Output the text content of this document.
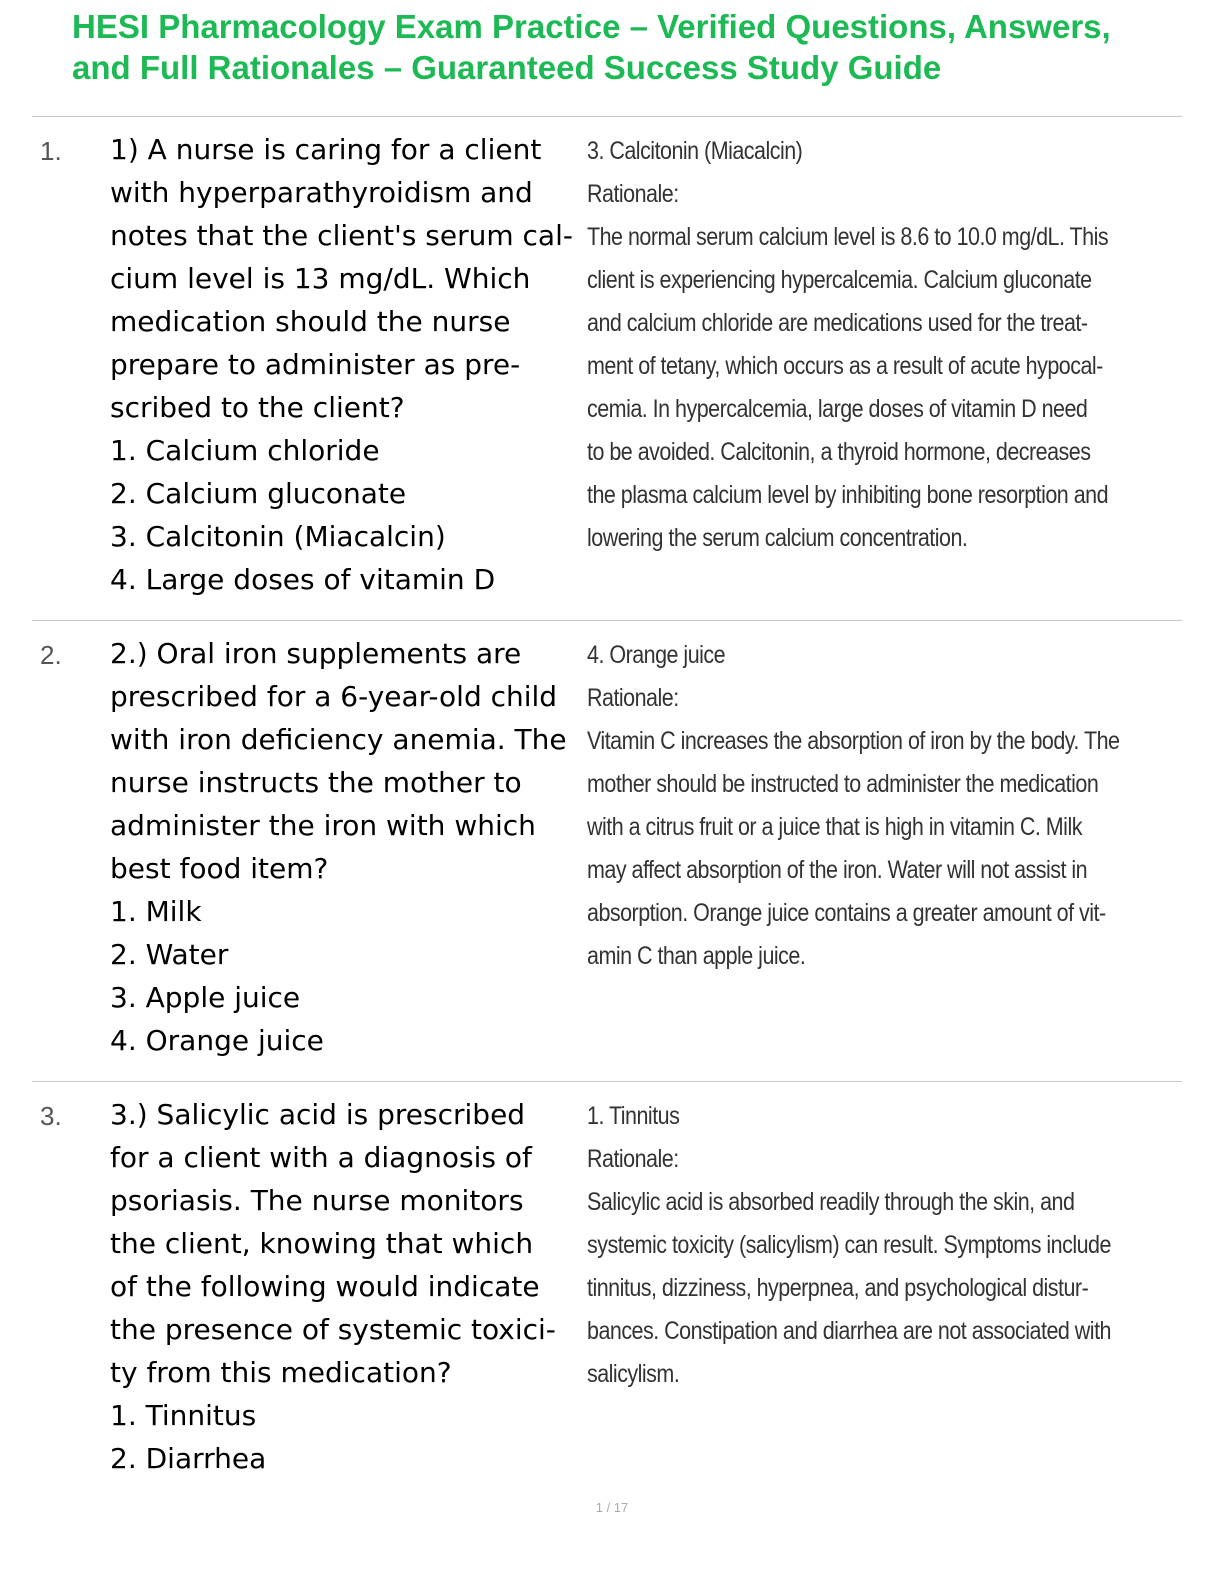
HESI Pharmacology Exam Practice – Verified Questions, Answers,
and Full Rationales – Guaranteed Success Study Guide
1. 1) A nurse is caring for a client
with hyperparathyroidism and
notes that the client's serum cal-
cium level is 13 mg/dL. Which
medication should the nurse
prepare to administer as pre-
scribed to the client?
1. Calcium chloride
2. Calcium gluconate
3. Calcitonin (Miacalcin)
4. Large doses of vitamin D
3. Calcitonin (Miacalcin)
Rationale:
The normal serum calcium level is 8.6 to 10.0 mg/dL. This
client is experiencing hypercalcemia. Calcium gluconate
and calcium chloride are medications used for the treat-
ment of tetany, which occurs as a result of acute hypocal-
cemia. In hypercalcemia, large doses of vitamin D need
to be avoided. Calcitonin, a thyroid hormone, decreases
the plasma calcium level by inhibiting bone resorption and
lowering the serum calcium concentration.
2. 2.) Oral iron supplements are
prescribed for a 6-year-old child
with iron deficiency anemia. The
nurse instructs the mother to
administer the iron with which
best food item?
1. Milk
2. Water
3. Apple juice
4. Orange juice
4. Orange juice
Rationale:
Vitamin C increases the absorption of iron by the body. The
mother should be instructed to administer the medication
with a citrus fruit or a juice that is high in vitamin C. Milk
may affect absorption of the iron. Water will not assist in
absorption. Orange juice contains a greater amount of vit-
amin C than apple juice.
3. 3.) Salicylic acid is prescribed
for a client with a diagnosis of
psoriasis. The nurse monitors
the client, knowing that which
of the following would indicate
the presence of systemic toxici-
ty from this medication?
1. Tinnitus
2. Diarrhea
1. Tinnitus
Rationale:
Salicylic acid is absorbed readily through the skin, and
systemic toxicity (salicylism) can result. Symptoms include
tinnitus, dizziness, hyperpnea, and psychological distur-
bances. Constipation and diarrhea are not associated with
salicylism.
1 / 17
